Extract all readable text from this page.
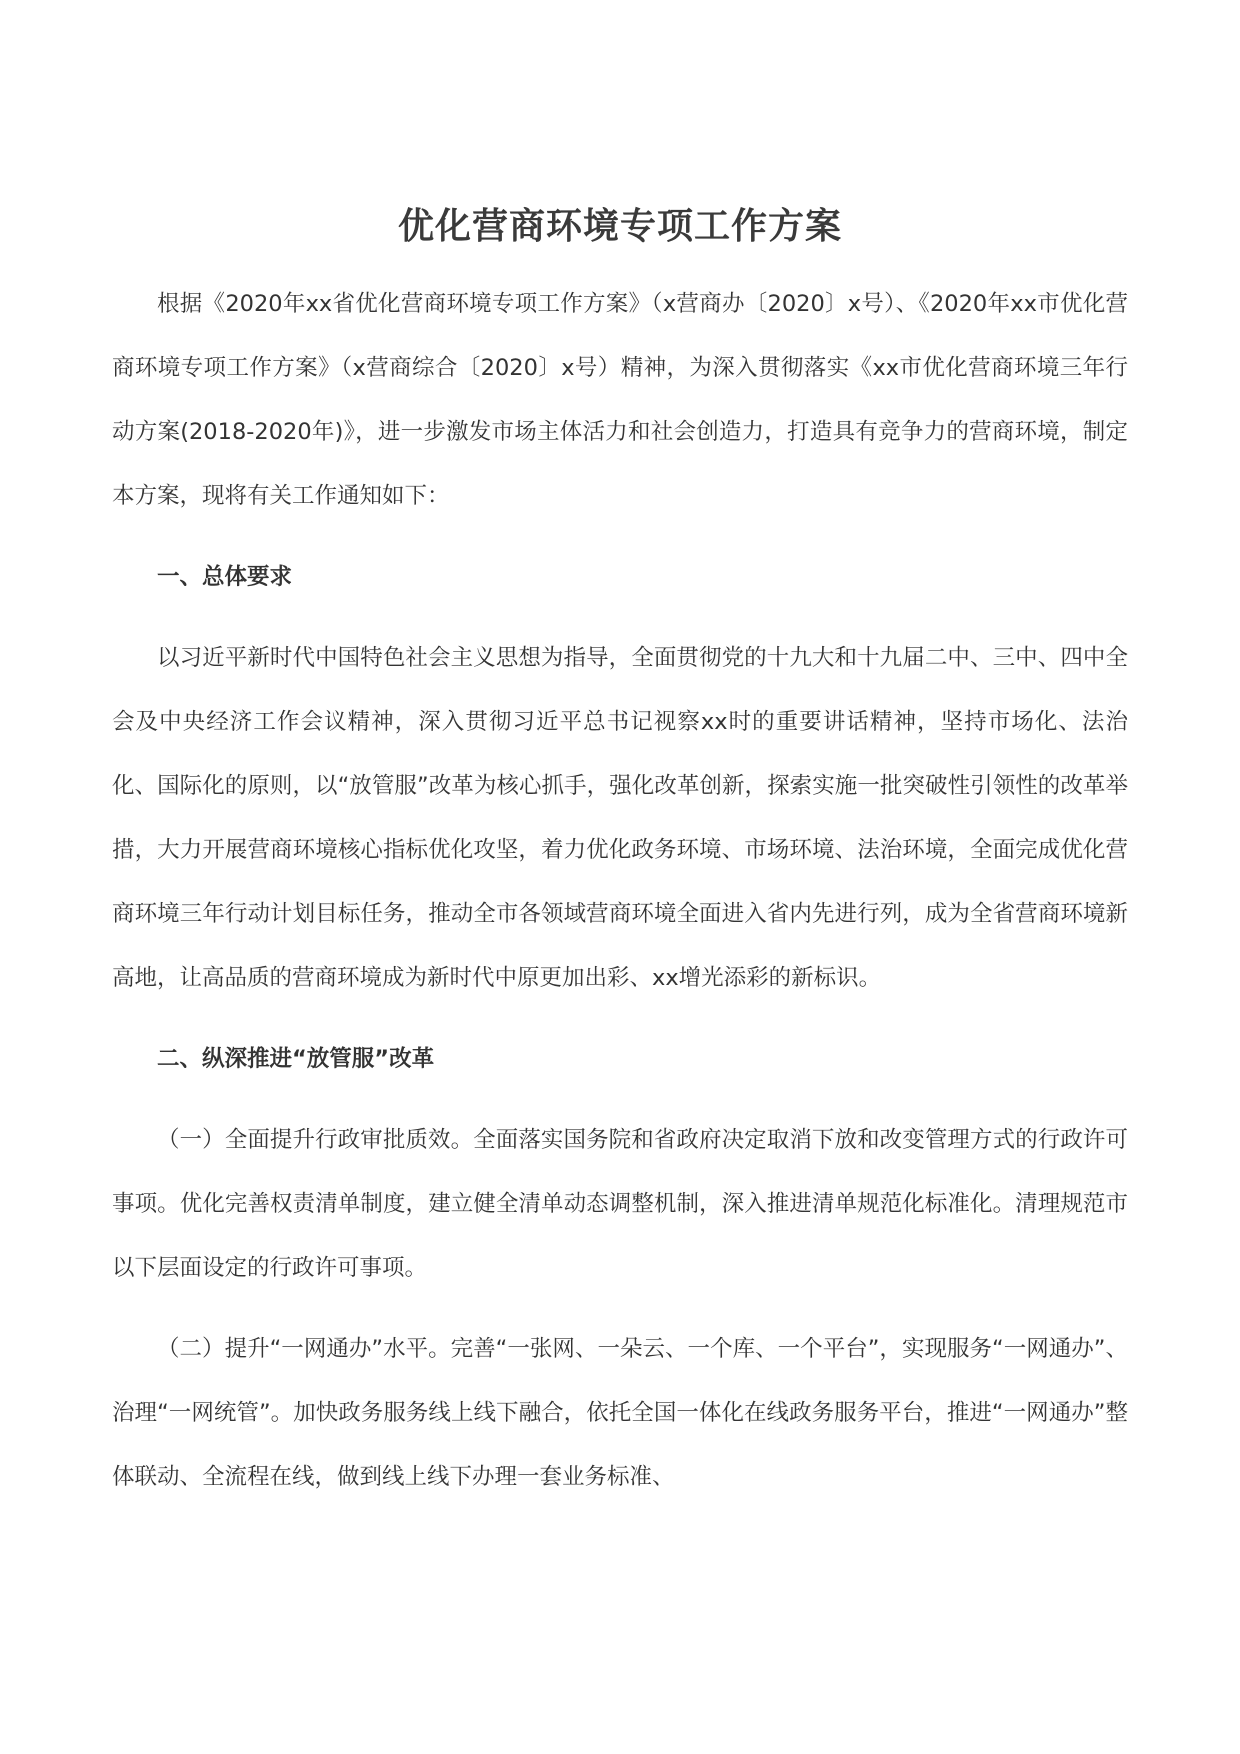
优化营商环境专项工作方案

根据《2020年xx省优化营商环境专项工作方案》（x营商办〔2020〕x号）、《2020年xx市优化营商环境专项工作方案》（x营商综合〔2020〕x号）精神，为深入贯彻落实《xx市优化营商环境三年行动方案(2018-2020年)》，进一步激发市场主体活力和社会创造力，打造具有竞争力的营商环境，制定本方案，现将有关工作通知如下：

一、总体要求

以习近平新时代中国特色社会主义思想为指导，全面贯彻党的十九大和十九届二中、三中、四中全会及中央经济工作会议精神，深入贯彻习近平总书记视察xx时的重要讲话精神，坚持市场化、法治化、国际化的原则，以“放管服”改革为核心抓手，强化改革创新，探索实施一批突破性引领性的改革举措，大力开展营商环境核心指标优化攻坚，着力优化政务环境、市场环境、法治环境，全面完成优化营商环境三年行动计划目标任务，推动全市各领域营商环境全面进入省内先进行列，成为全省营商环境新高地，让高品质的营商环境成为新时代中原更加出彩、xx增光添彩的新标识。

二、纵深推进“放管服”改革

（一）全面提升行政审批质效。全面落实国务院和省政府决定取消下放和改变管理方式的行政许可事项。优化完善权责清单制度，建立健全清单动态调整机制，深入推进清单规范化标准化。清理规范市以下层面设定的行政许可事项。

（二）提升“一网通办”水平。完善“一张网、一朵云、一个库、一个平台”，实现服务“一网通办”、治理“一网统管”。加快政务服务线上线下融合，依托全国一体化在线政务服务平台，推进“一网通办”整体联动、全流程在线，做到线上线下办理一套业务标准、
